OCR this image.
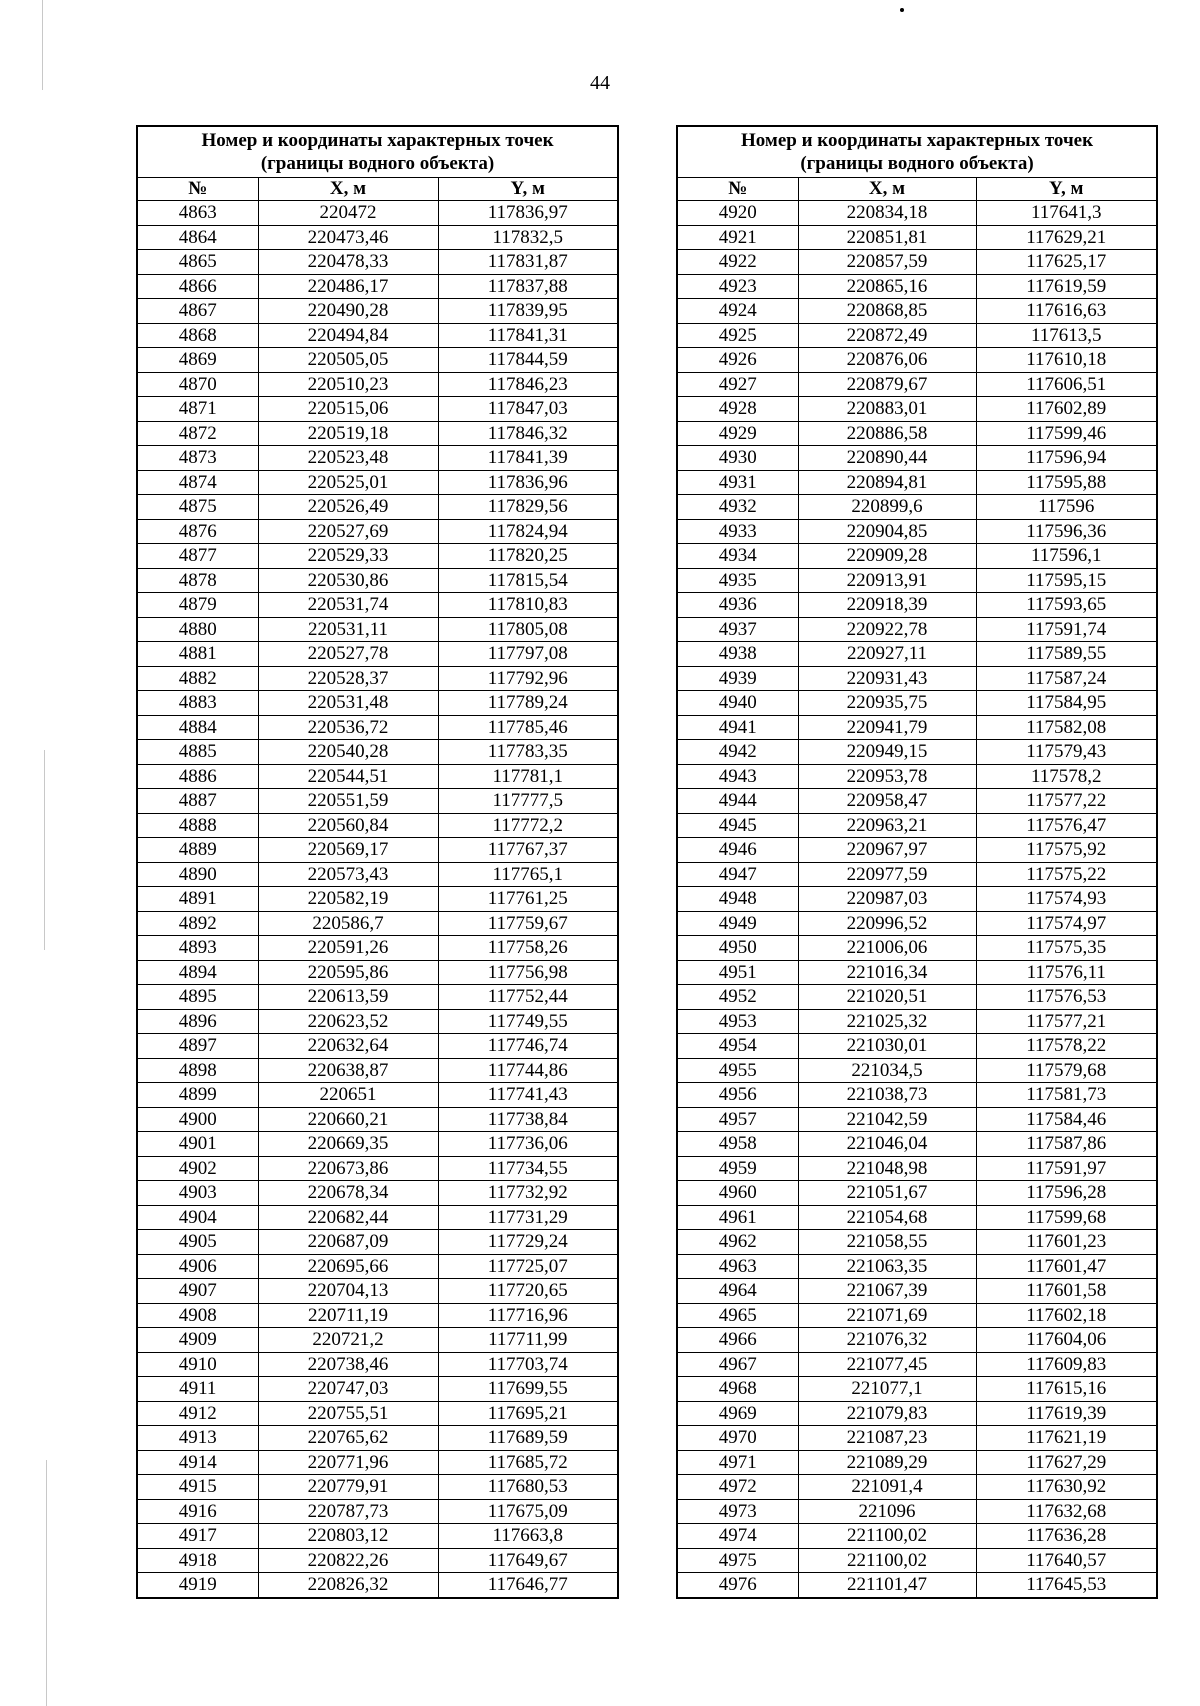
44
Номер и координаты характерных точек
(границы водного объекта)		

№	X, м	Y, м
4863	220472	117836,97
4864	220473,46	117832,5
4865	220478,33	117831,87
4866	220486,17	117837,88
4867	220490,28	117839,95
4868	220494,84	117841,31
4869	220505,05	117844,59
4870	220510,23	117846,23
4871	220515,06	117847,03
4872	220519,18	117846,32
4873	220523,48	117841,39
4874	220525,01	117836,96
4875	220526,49	117829,56
4876	220527,69	117824,94
4877	220529,33	117820,25
4878	220530,86	117815,54
4879	220531,74	117810,83
4880	220531,11	117805,08
4881	220527,78	117797,08
4882	220528,37	117792,96
4883	220531,48	117789,24
4884	220536,72	117785,46
4885	220540,28	117783,35
4886	220544,51	117781,1
4887	220551,59	117777,5
4888	220560,84	117772,2
4889	220569,17	117767,37
4890	220573,43	117765,1
4891	220582,19	117761,25
4892	220586,7	117759,67
4893	220591,26	117758,26
4894	220595,86	117756,98
4895	220613,59	117752,44
4896	220623,52	117749,55
4897	220632,64	117746,74
4898	220638,87	117744,86
4899	220651	117741,43
4900	220660,21	117738,84
4901	220669,35	117736,06
4902	220673,86	117734,55
4903	220678,34	117732,92
4904	220682,44	117731,29
4905	220687,09	117729,24
4906	220695,66	117725,07
4907	220704,13	117720,65
4908	220711,19	117716,96
4909	220721,2	117711,99
4910	220738,46	117703,74
4911	220747,03	117699,55
4912	220755,51	117695,21
4913	220765,62	117689,59
4914	220771,96	117685,72
4915	220779,91	117680,53
4916	220787,73	117675,09
4917	220803,12	117663,8
4918	220822,26	117649,67
4919	220826,32	117646,77
Номер и координаты характерных точек
(границы водного объекта)		

№	X, м	Y, м
4920	220834,18	117641,3
4921	220851,81	117629,21
4922	220857,59	117625,17
4923	220865,16	117619,59
4924	220868,85	117616,63
4925	220872,49	117613,5
4926	220876,06	117610,18
4927	220879,67	117606,51
4928	220883,01	117602,89
4929	220886,58	117599,46
4930	220890,44	117596,94
4931	220894,81	117595,88
4932	220899,6	117596
4933	220904,85	117596,36
4934	220909,28	117596,1
4935	220913,91	117595,15
4936	220918,39	117593,65
4937	220922,78	117591,74
4938	220927,11	117589,55
4939	220931,43	117587,24
4940	220935,75	117584,95
4941	220941,79	117582,08
4942	220949,15	117579,43
4943	220953,78	117578,2
4944	220958,47	117577,22
4945	220963,21	117576,47
4946	220967,97	117575,92
4947	220977,59	117575,22
4948	220987,03	117574,93
4949	220996,52	117574,97
4950	221006,06	117575,35
4951	221016,34	117576,11
4952	221020,51	117576,53
4953	221025,32	117577,21
4954	221030,01	117578,22
4955	221034,5	117579,68
4956	221038,73	117581,73
4957	221042,59	117584,46
4958	221046,04	117587,86
4959	221048,98	117591,97
4960	221051,67	117596,28
4961	221054,68	117599,68
4962	221058,55	117601,23
4963	221063,35	117601,47
4964	221067,39	117601,58
4965	221071,69	117602,18
4966	221076,32	117604,06
4967	221077,45	117609,83
4968	221077,1	117615,16
4969	221079,83	117619,39
4970	221087,23	117621,19
4971	221089,29	117627,29
4972	221091,4	117630,92
4973	221096	117632,68
4974	221100,02	117636,28
4975	221100,02	117640,57
4976	221101,47	117645,53
